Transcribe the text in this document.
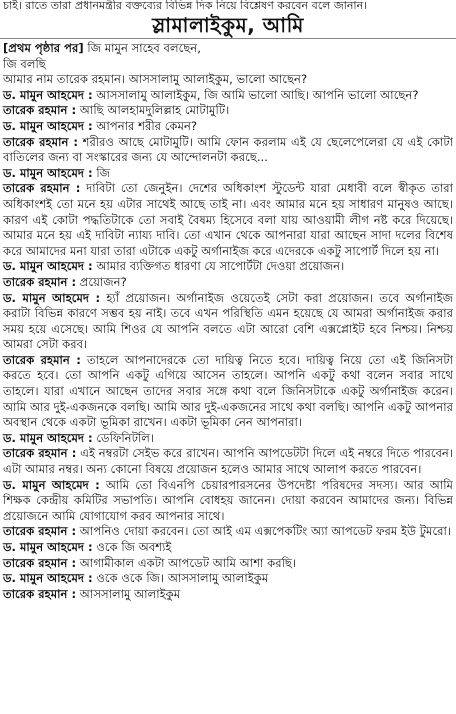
চাই। রাতে তারা প্রধানমন্ত্রীর বক্তব্যের বিভিন্ন দিক নিয়ে বিশ্লেষণ করবেন বলে জানান।
স্লামালাইকুম, আমি

[প্রথম পৃষ্ঠার পর] জি মামুন সাহেব বলছেন,

জি বলছি

আমার নাম তারেক রহমান। আসসালামু আলাইকুম, ভালো আছেন?

ড. মামুন আহমেদ : আসসালামু আলাইকুম, জি আমি ভালো আছি। আপনি ভালো আছেন?

তারেক রহমান : আছি আলহামদুলিল্লাহ মোটামুটি।

ড. মামুন আহমেদ : আপনার শরীর কেমন?

তারেক রহমান : শরীরও আছে মোটামুটি। আমি ফোন করলাম এই যে ছেলেপেলেরা যে এই কোটা বাতিলের জন্য বা সংস্কারের জন্য যে আন্দোলনটা করছে...

ড. মামুন আহমেদ : জি

তারেক রহমান : দাবিটা তো জেনুইন। দেশের অধিকাংশ স্টুডেন্ট যারা মেধাবী বলে স্বীকৃত তারা অধিকাংশই তো মনে হয় এটার সাথেই আছে তাই না। এবং আমার মনে হয় সাধারণ মানুষও আছে। কারণ এই কোটা পদ্ধতিটাকে তো সবাই বৈষম্য হিসেবে বলা যায় আওয়ামী লীগ নষ্ট করে দিয়েছে। আমার মনে হয় এই দাবিটা ন্যায্য দাবি। তো এখান থেকে আপনারা যারা আছেন সাদা দলের বিশেষ করে আমাদের মনা যারা তারা এটাকে একটু অর্গানাইজ করে এদেরকে একটু সাপোর্ট দিলে হয় না।

ড. মামুন আহমেদ : আমার ব্যক্তিগত ধারণা যে সাপোর্টটা দেওয়া প্রয়োজন।

তারেক রহমান : প্রয়োজন?

ড. মামুন আহমেদ : হ্যাঁ প্রয়োজন। অর্গানাইজ ওয়েতেই সেটা করা প্রয়োজন। তবে অর্গানাইজ করাটা বিভিন্ন কারণে সম্ভব হয় নাই। তবে এখন পরিস্থিতি এমন হয়েছে যে আমরা অর্গানাইজ করার সময় হয়ে এসেছে। আমি শিওর যে আপনি বলতে এটা আরো বেশি এক্সপ্লোইট হবে নিশ্চয়। নিশ্চয় আমরা সেটা করব।

তারেক রহমান : তাহলে আপনাদেরকে তো দায়িত্ব নিতে হবে। দায়িত্ব নিয়ে তো এই জিনিসটা করতে হবে। তো আপনি একটু এগিয়ে আসেন তাহলে। আপনি একটু কথা বলেন সবার সাথে তাহলে। যারা এখানে আছেন তাদের সবার সঙ্গে কথা বলে জিনিসটাকে একটু অর্গানাইজ করেন। আমি আর দুই-একজনকে বলছি। আমি আর দুই-একজনের সাথে কথা বলছি। আপনি একটু আপনার অবস্থান থেকে একটা ভূমিকা রাখেন। একটা ভূমিকা নেন আপনারা।

ড. মামুন আহমেদ : ডেফিনিটলি।

তারেক রহমান : এই নম্বরটা সেইভ করে রাখেন। আপনি আপডেটটা দিলে এই নম্বরে দিতে পারবেন। এটা আমার নম্বর। অন্য কোনো বিষয়ে প্রয়োজন হলেও আমার সাথে আলাপ করতে পারবেন।

ড. মামুন আহমেদ : আমি তো বিএনপি চেয়ারপারসনের উপদেষ্টা পরিষদের সদস্য। আর আমি শিক্ষক কেন্দ্রীয় কমিটির সভাপতি। আপনি বোধহয় জানেন। দোয়া করবেন আমাদের জন্য। বিভিন্ন প্রয়োজনে আমি যোগাযোগ করব আপনার সাথে।

তারেক রহমান : আপনিও দোয়া করবেন। তো আই এম এক্সপেকটিং অ্যা আপডেট ফরম ইউ টুমরো।

ড. মামুন আহমেদ : ওকে জি অবশ্যই

তারেক রহমান : আগামীকাল একটা আপডেট আমি আশা করছি।

ড. মামুন আহমেদ : ওকে ওকে জি। আসসালামু আলাইকুম

তারেক রহমান : আসসালামু আলাইকুম
